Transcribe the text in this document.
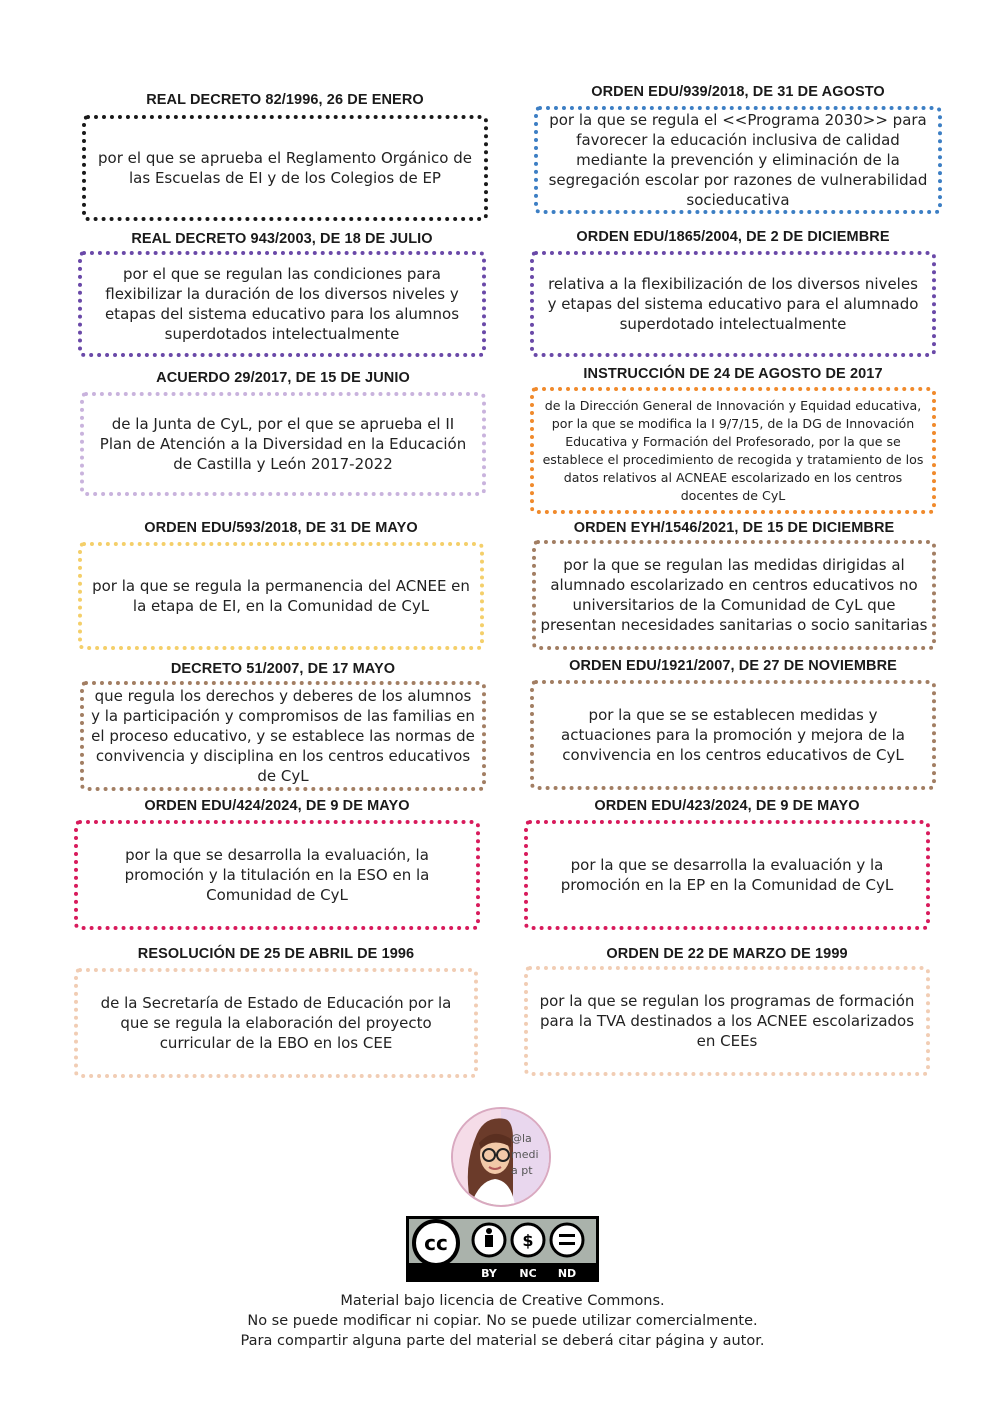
REAL DECRETO 82/1996, 26 DE ENERO
por el que se aprueba el Reglamento Orgánico de las Escuelas de EI y de los Colegios de EP
ORDEN EDU/939/2018, DE 31 DE AGOSTO
por la que se regula el <<Programa 2030>> para favorecer la educación inclusiva de calidad mediante la prevención y eliminación de la segregación escolar por razones de vulnerabilidad socieducativa
REAL DECRETO 943/2003, DE 18 DE JULIO
por el que se regulan las condiciones para flexibilizar la duración de los diversos niveles y etapas del sistema educativo para los alumnos superdotados intelectualmente
ORDEN EDU/1865/2004, DE 2 DE DICIEMBRE
relativa a la flexibilización de los diversos niveles y etapas del sistema educativo para el alumnado superdotado intelectualmente
ACUERDO 29/2017, DE 15 DE JUNIO
de la Junta de CyL, por el que se aprueba el II Plan de Atención a la Diversidad en la Educación de Castilla y León 2017-2022
INSTRUCCIÓN DE 24 DE AGOSTO DE 2017
de la Dirección General de Innovación y Equidad educativa, por la que se modifica la I 9/7/15, de la DG de Innovación Educativa y Formación del Profesorado, por la que se establece el procedimiento de recogida y tratamiento de los datos relativos al ACNEAE escolarizado en los centros docentes de CyL
ORDEN EDU/593/2018, DE 31 DE MAYO
por la que se regula la permanencia del ACNEE en la etapa de EI, en la Comunidad de CyL
ORDEN EYH/1546/2021, DE 15 DE DICIEMBRE
por la que se regulan las medidas dirigidas al alumnado escolarizado en centros educativos no universitarios de la Comunidad de CyL que presentan necesidades sanitarias o socio sanitarias
DECRETO 51/2007, DE 17 MAYO
que regula los derechos y deberes de los alumnos y la participación y compromisos de las familias en el proceso educativo, y se establece las normas de convivencia y disciplina en los centros educativos de CyL
ORDEN EDU/1921/2007, DE 27 DE NOVIEMBRE
por la que se se establecen medidas y actuaciones para la promoción y mejora de la convivencia en los centros educativos de CyL
ORDEN EDU/424/2024, DE 9 DE MAYO
por la que se desarrolla la evaluación, la promoción y la titulación en la ESO en la Comunidad de CyL
ORDEN EDU/423/2024, DE 9 DE MAYO
por la que se desarrolla la evaluación y la promoción en la EP en la Comunidad de CyL
RESOLUCIÓN DE 25 DE ABRIL DE 1996
de la Secretaría de Estado de Educación por la que se regula la elaboración del proyecto curricular de la EBO en los CEE
ORDEN DE 22 DE MARZO DE 1999
por la que se regulan los programas de formación para la TVA destinados a los ACNEE escolarizados en CEEs
@la media pt
cc	$
BY NC ND
Material bajo licencia de Creative Commons.
No se puede modificar ni copiar. No se puede utilizar comercialmente.
Para compartir alguna parte del material se deberá citar página y autor.
